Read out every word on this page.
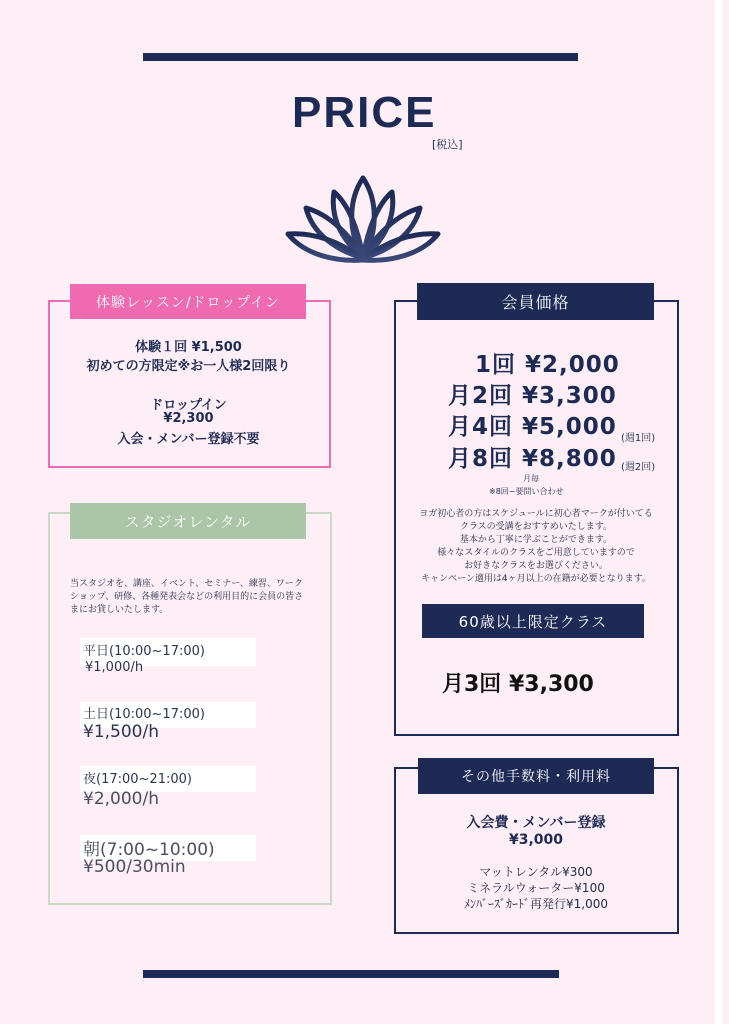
PRICE
[税込]
体験レッスン/ドロップイン
体験１回 ¥1,500
初めての方限定※お一人様2回限り
ドロップイン
¥2,300
入会・メンバー登録不要
スタジオレンタル
当スタジオを、講座、イベント、セミナー、練習、ワークショップ、研修、各種発表会などの利用目的に会員の皆さまにお貸しいたします。
平日(10:00~17:00)
¥1,000/h
土日(10:00~17:00)
¥1,500/h
夜(17:00~21:00)
¥2,000/h
朝(7:00~10:00)
¥500/30min
会員価格
1回 ¥2,000
月2回 ¥3,300
月4回 ¥5,000 (週1回)
月8回 ¥8,800 (週2回)
月毎
※8回~要問い合わせ
ヨガ初心者の方はスケジュールに初心者マークが付いてる
クラスの受講をおすすめいたします。
基本から丁寧に学ぶことができます。
様々なスタイルのクラスをご用意していますので
お好きなクラスをお選びください。
キャンペーン適用は4ヶ月以上の在籍が必要となります。
60歳以上限定クラス
月3回 ¥3,300
その他手数料・利用料
入会費・メンバー登録
¥3,000
マットレンタル¥300
ミネラルウォーター¥100
ﾒﾝﾊﾞｰｽﾞｶｰﾄﾞ再発行¥1,000
